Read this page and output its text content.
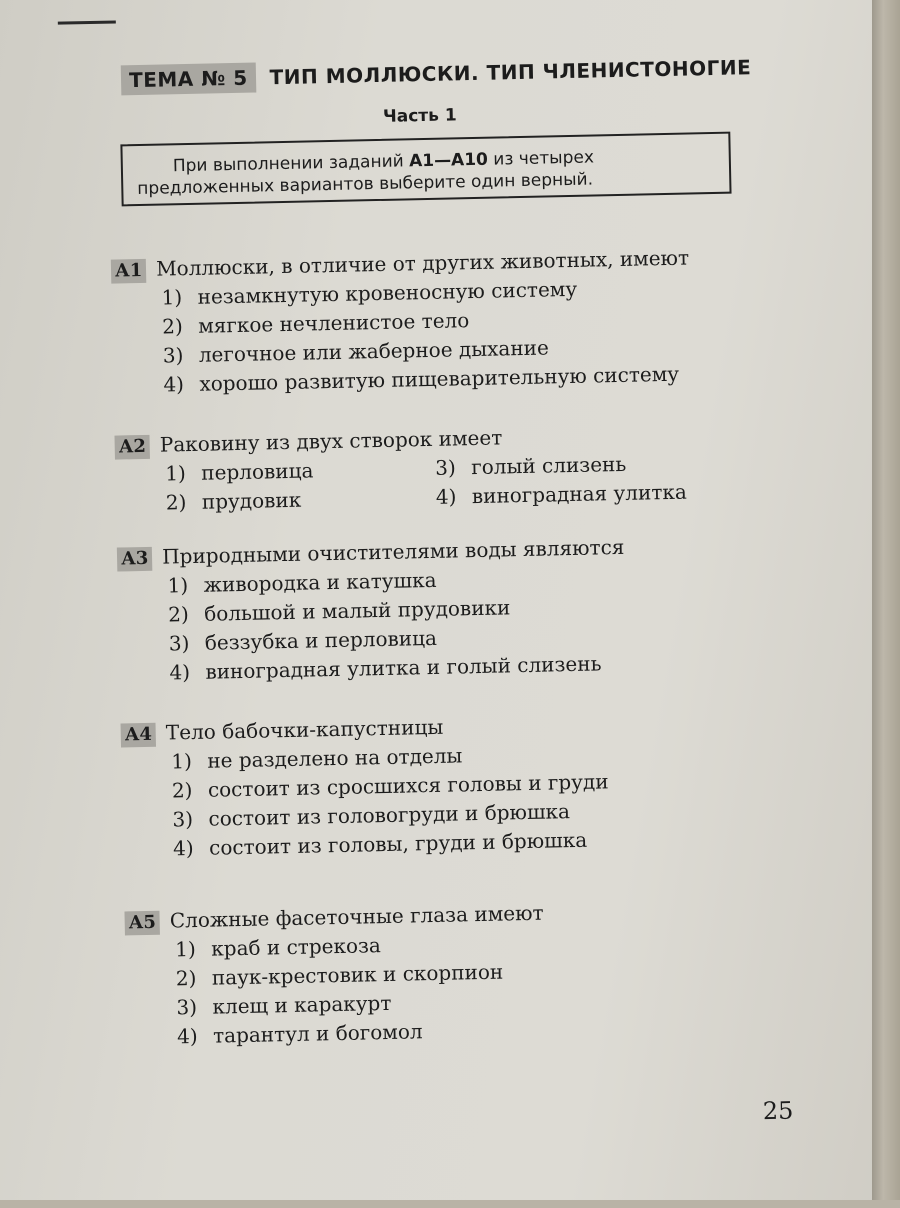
ТЕМА № 5 ТИП МОЛЛЮСКИ. ТИП ЧЛЕНИСТОНОГИЕ
Часть 1
При выполнении заданий А1—А10 из четырех предложенных вариантов выберите один верный.
А1 Моллюски, в отличие от других животных, имеют
1) незамкнутую кровеносную систему
2) мягкое нечленистое тело
3) легочное или жаберное дыхание
4) хорошо развитую пищеварительную систему
А2 Раковину из двух створок имеет
1) перловица	3) голый слизень
2) прудовик	4) виноградная улитка
А3 Природными очистителями воды являются
1) живородка и катушка
2) большой и малый прудовики
3) беззубка и перловица
4) виноградная улитка и голый слизень
А4 Тело бабочки-капустницы
1) не разделено на отделы
2) состоит из сросшихся головы и груди
3) состоит из головогруди и брюшка
4) состоит из головы, груди и брюшка
А5 Сложные фасеточные глаза имеют
1) краб и стрекоза
2) паук-крестовик и скорпион
3) клещ и каракурт
4) тарантул и богомол
25
